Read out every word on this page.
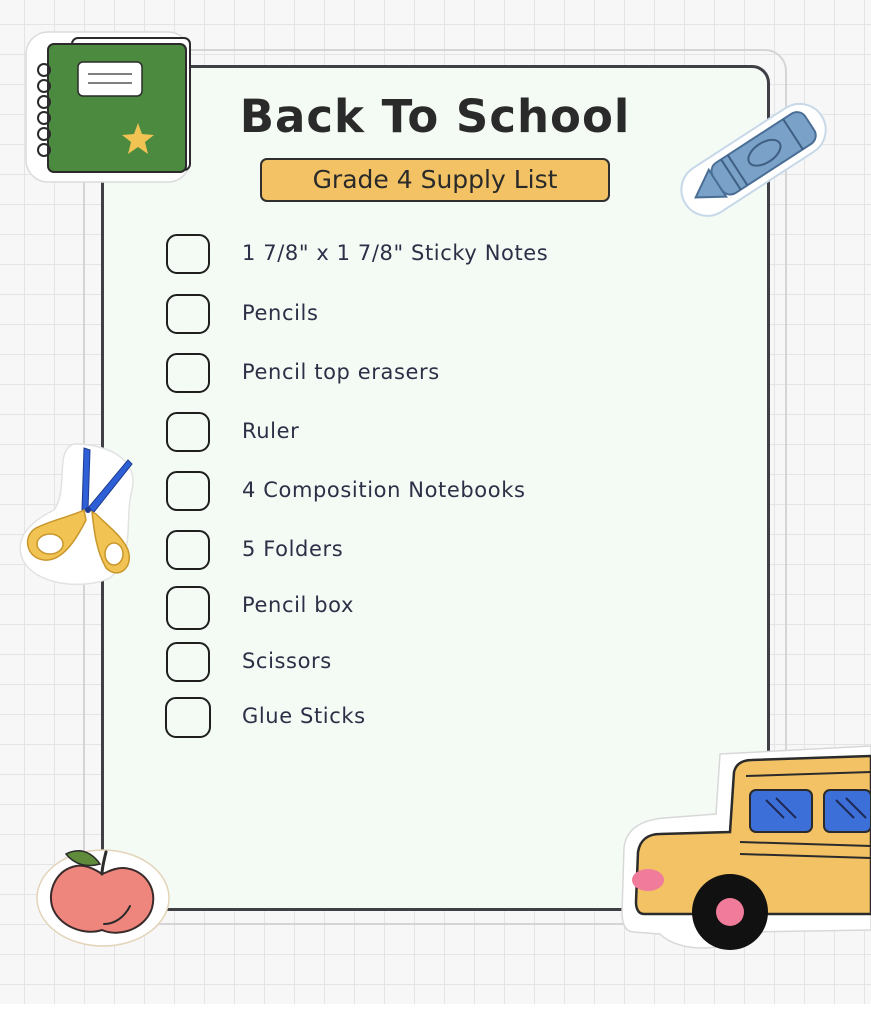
Back To School
Grade 4 Supply List
1 7/8" x 1 7/8" Sticky Notes
Pencils
Pencil top erasers
Ruler
4 Composition Notebooks
5 Folders
Pencil box
Scissors
Glue Sticks
